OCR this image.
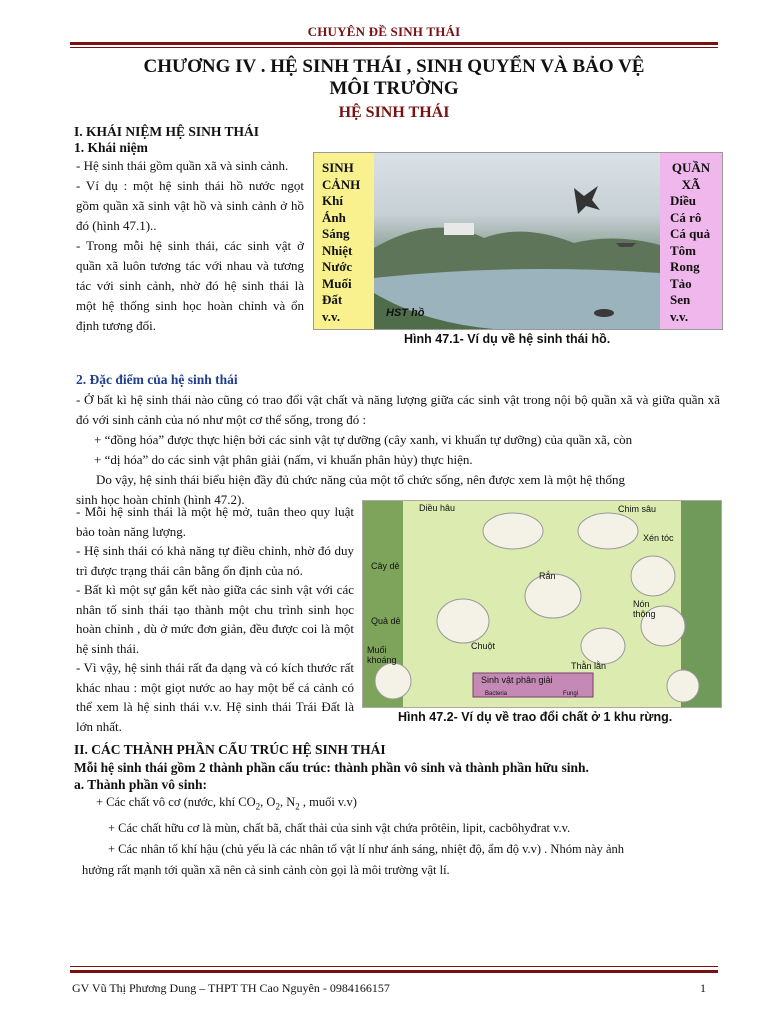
CHUYÊN ĐỀ SINH THÁI
CHƯƠNG IV . HỆ SINH THÁI , SINH QUYỂN VÀ BẢO VỆ
MÔI TRƯỜNG
HỆ SINH THÁI
I. KHÁI NIỆM HỆ SINH THÁI
1. Khái niệm
- Hệ sinh thái gồm quần xã và sinh cảnh.
- Ví dụ : một hệ sinh thái hồ nước ngọt gồm quần xã sinh vật hồ và sinh cảnh ở hồ đó (hình 47.1)..
- Trong mỗi hệ sinh thái, các sinh vật ở quần xã luôn tương tác với nhau và tương tác với sinh cảnh, nhờ đó hệ sinh thái là một hệ thống sinh học hoàn chỉnh và ổn định tương đối.
SINH
CẢNH
Khí
Ánh
Sáng
Nhiệt
Nước
Muối
Đất
v.v.
QUẦN
XÃ
Diều
Cá rô
Cá quả
Tôm
Rong
Tảo
Sen
v.v.
HST hồ
Hình 47.1- Ví dụ về hệ sinh thái hồ.
2. Đặc điểm của hệ sinh thái
- Ở bất kì hệ sinh thái nào cũng có trao đổi vật chất và năng lượng giữa các sinh vật trong nội bộ quần xã và giữa quần xã đó với sinh cảnh của nó như một cơ thể sống, trong đó :
+ “đồng hóa” được thực hiện bởi các sinh vật tự dưỡng (cây xanh, vi khuẩn tự dưỡng) của quần xã, còn
+ “dị hóa” do các sinh vật phân giải (nấm, vi khuẩn phân hủy) thực hiện.
Do vậy, hệ sinh thái biểu hiện đầy đủ chức năng của một tổ chức sống, nên được xem là một hệ thống
sinh học hoàn chỉnh (hình 47.2).
- Mỗi hệ sinh thái là một hệ mở, tuân theo quy luật bảo toàn năng lượng.
- Hệ sinh thái có khả năng tự điều chỉnh, nhờ đó duy trì được trạng thái cân bằng ổn định của nó.
- Bất kì một sự gắn kết nào giữa các sinh vật với các nhân tố sinh thái tạo thành một chu trình sinh học hoàn chỉnh , dù ở mức đơn giản, đều được coi là một hệ sinh thái.
- Vì vậy, hệ sinh thái rất đa dạng và có kích thước rất khác nhau : một giọt nước ao hay một bể cá cảnh có thể xem là hệ sinh thái v.v. Hệ sinh thái Trái Đất là lớn nhất.
Diều hâu	Chim sâu
Xén tóc
Cây dẻ
Rắn
Quả dẻ
Chuột
Nón thông
Muối khoáng
Thằn lằn
Sinh vật phân giải
Bacteria	Fungi
Hình 47.2- Ví dụ về trao đổi chất ở 1 khu rừng.
II. CÁC THÀNH PHẦN CẤU TRÚC HỆ SINH THÁI
Mỗi hệ sinh thái gồm 2 thành phần cấu trúc: thành phần vô sinh và thành phần hữu sinh.
a. Thành phần vô sinh:
+ Các chất vô cơ (nước, khí $CO_2$, $O_2$, $N_2$ , muối v.v)
+ Các chất hữu cơ là mùn, chất bã, chất thải của sinh vật chứa prôtêin, lipit, cacbôhyđrat v.v.
+ Các nhân tố khí hậu (chủ yếu là các nhân tố vật lí như ánh sáng, nhiệt độ, ẩm độ v.v) . Nhóm này ảnh
hưởng rất mạnh tới quần xã nên cả sinh cảnh còn gọi là môi trường vật lí.
GV Vũ Thị Phương Dung – THPT TH Cao Nguyên - 0984166157	1
